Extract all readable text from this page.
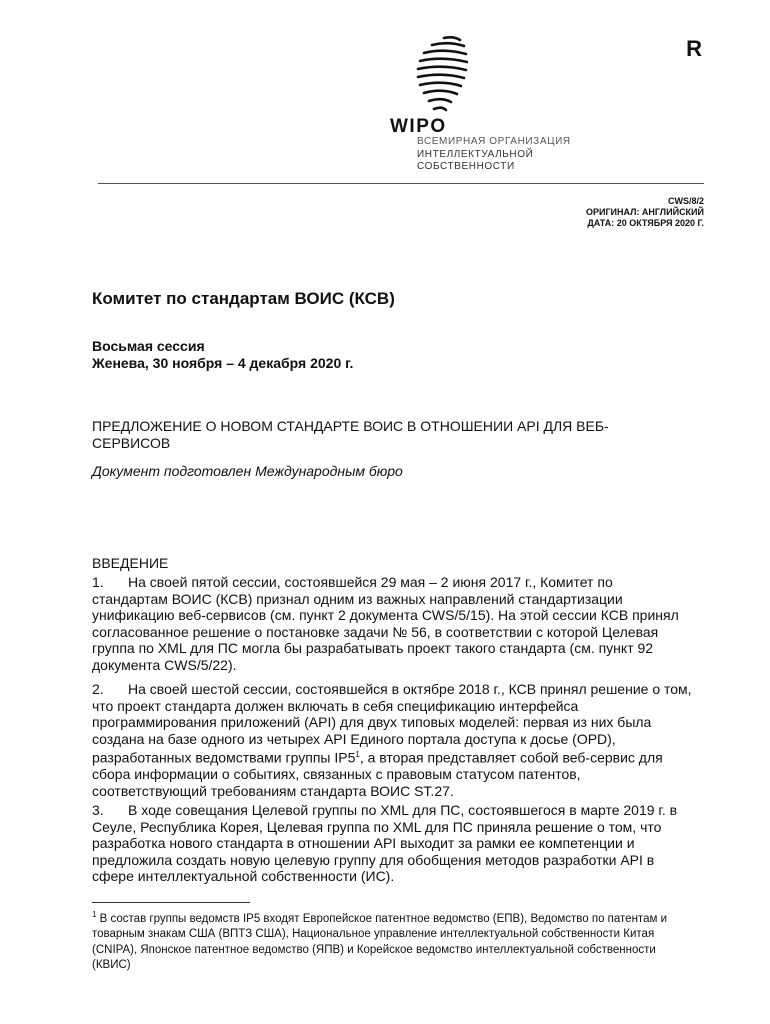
R
WIPO
ВСЕМИРНАЯ ОРГАНИЗАЦИЯ
ИНТЕЛЛЕКТУАЛЬНОЙ
СОБСТВЕННОСТИ
CWS/8/2
ОРИГИНАЛ: АНГЛИЙСКИЙ
ДАТА: 20 ОКТЯБРЯ 2020 Г.
Комитет по стандартам ВОИС (КСВ)
Восьмая сессия
Женева, 30 ноября – 4 декабря 2020 г.
ПРЕДЛОЖЕНИЕ О НОВОМ СТАНДАРТЕ ВОИС В ОТНОШЕНИИ API ДЛЯ ВЕБ-СЕРВИСОВ
Документ подготовлен Международным бюро
ВВЕДЕНИЕ
1. На своей пятой сессии, состоявшейся 29 мая – 2 июня 2017 г., Комитет по стандартам ВОИС (КСВ) признал одним из важных направлений стандартизации унификацию веб-сервисов (см. пункт 2 документа CWS/5/15). На этой сессии КСВ принял согласованное решение о постановке задачи № 56, в соответствии с которой Целевая группа по XML для ПС могла бы разрабатывать проект такого стандарта (см. пункт 92 документа CWS/5/22).
2. На своей шестой сессии, состоявшейся в октябре 2018 г., КСВ принял решение о том, что проект стандарта должен включать в себя спецификацию интерфейса программирования приложений (API) для двух типовых моделей: первая из них была создана на базе одного из четырех API Единого портала доступа к досье (OPD), разработанных ведомствами группы $IP5^1$, а вторая представляет собой веб-сервис для сбора информации о событиях, связанных с правовым статусом патентов, соответствующий требованиям стандарта ВОИС ST.27.
3. В ходе совещания Целевой группы по XML для ПС, состоявшегося в марте 2019 г. в Сеуле, Республика Корея, Целевая группа по XML для ПС приняла решение о том, что разработка нового стандарта в отношении API выходит за рамки ее компетенции и предложила создать новую целевую группу для обобщения методов разработки API в сфере интеллектуальной собственности (ИС).
$^1$ В состав группы ведомств IP5 входят Европейское патентное ведомство (ЕПВ), Ведомство по патентам и товарным знакам США (ВПТЗ США), Национальное управление интеллектуальной собственности Китая (CNIPA), Японское патентное ведомство (ЯПВ) и Корейское ведомство интеллектуальной собственности (КВИС)
